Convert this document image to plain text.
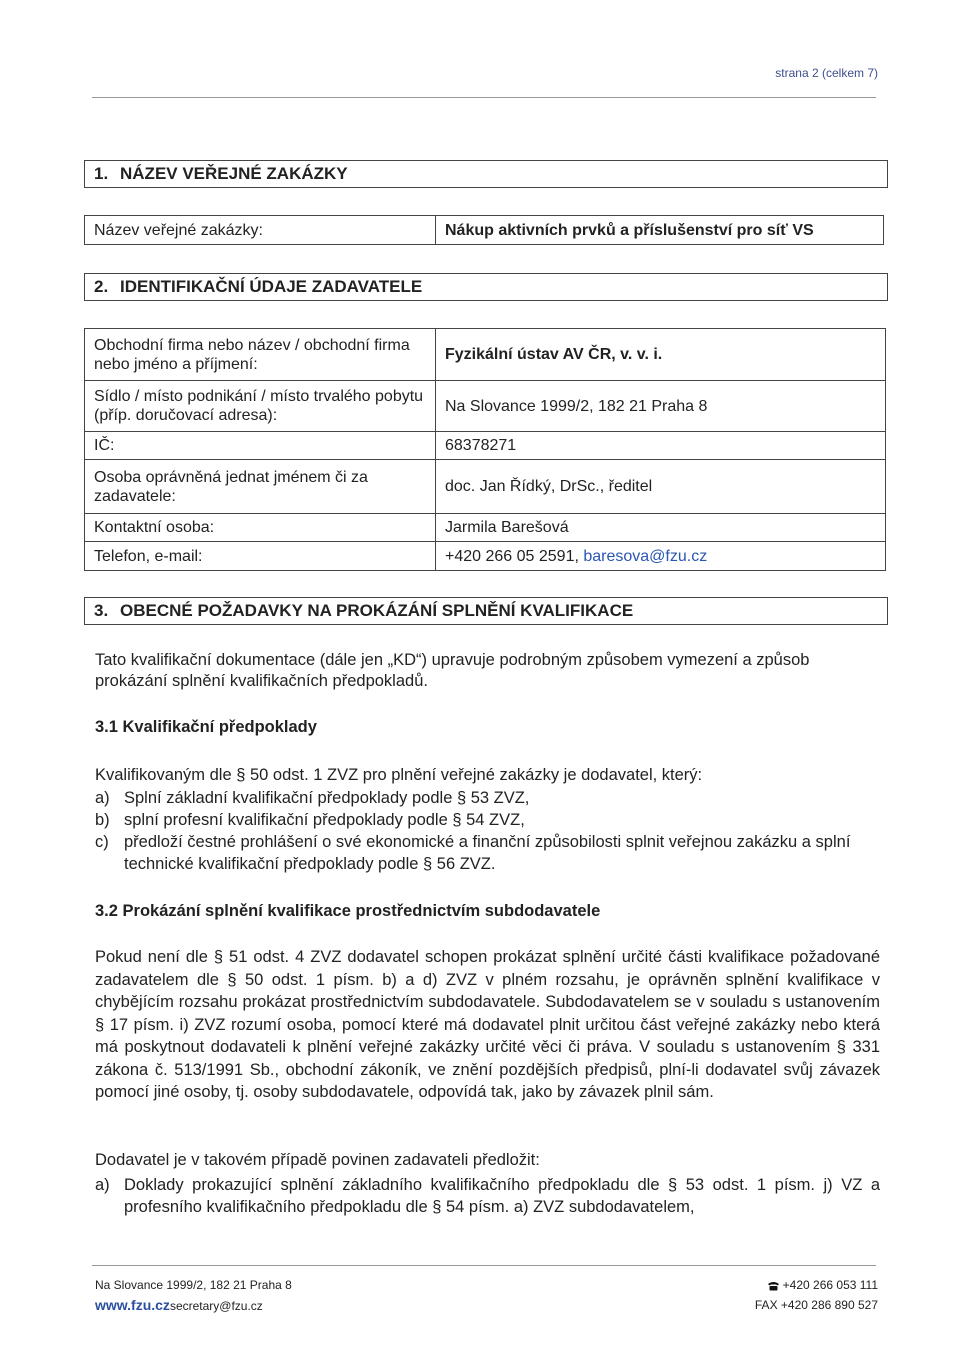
strana 2 (celkem 7)
1. NÁZEV VEŘEJNÉ ZAKÁZKY
Název veřejné zakázky:	Nákup aktivních prvků a příslušenství pro síť VS
2. IDENTIFIKAČNÍ ÚDAJE ZADAVATELE
Obchodní firma nebo název / obchodní firma nebo jméno a příjmení:	Fyzikální ústav AV ČR, v. v. i.
Sídlo / místo podnikání / místo trvalého pobytu (příp. doručovací adresa):	Na Slovance 1999/2, 182 21 Praha 8
IČ:	68378271
Osoba oprávněná jednat jménem či za zadavatele:	doc. Jan Řídký, DrSc., ředitel
Kontaktní osoba:	Jarmila Barešová
Telefon, e-mail:	+420 266 05 2591, baresova@fzu.cz
3. OBECNÉ POŽADAVKY NA PROKÁZÁNÍ SPLNĚNÍ KVALIFIKACE
Tato kvalifikační dokumentace (dále jen „KD“) upravuje podrobným způsobem vymezení a způsob prokázání splnění kvalifikačních předpokladů.
3.1 Kvalifikační předpoklady
Kvalifikovaným dle § 50 odst. 1 ZVZ pro plnění veřejné zakázky je dodavatel, který:
a) Splní základní kvalifikační předpoklady podle § 53 ZVZ,
b) splní profesní kvalifikační předpoklady podle § 54 ZVZ,
c) předloží čestné prohlášení o své ekonomické a finanční způsobilosti splnit veřejnou zakázku a splní technické kvalifikační předpoklady podle § 56 ZVZ.
3.2 Prokázání splnění kvalifikace prostřednictvím subdodavatele
Pokud není dle § 51 odst. 4 ZVZ dodavatel schopen prokázat splnění určité části kvalifikace požadované zadavatelem dle § 50 odst. 1 písm. b) a d) ZVZ v plném rozsahu, je oprávněn splnění kvalifikace v chybějícím rozsahu prokázat prostřednictvím subdodavatele. Subdodavatelem se v souladu s ustanovením § 17 písm. i) ZVZ rozumí osoba, pomocí které má dodavatel plnit určitou část veřejné zakázky nebo která má poskytnout dodavateli k plnění veřejné zakázky určité věci či práva. V souladu s ustanovením § 331 zákona č. 513/1991 Sb., obchodní zákoník, ve znění pozdějších předpisů, plní-li dodavatel svůj závazek pomocí jiné osoby, tj. osoby subdodavatele, odpovídá tak, jako by závazek plnil sám.
Dodavatel je v takovém případě povinen zadavateli předložit:
a) Doklady prokazující splnění základního kvalifikačního předpokladu dle § 53 odst. 1 písm. j) VZ a profesního kvalifikačního předpokladu dle § 54 písm. a) ZVZ subdodavatelem,
Na Slovance 1999/2, 182 21 Praha 8
www.fzu.czsecretary@fzu.cz
+420 266 053 111
FAX +420 286 890 527
